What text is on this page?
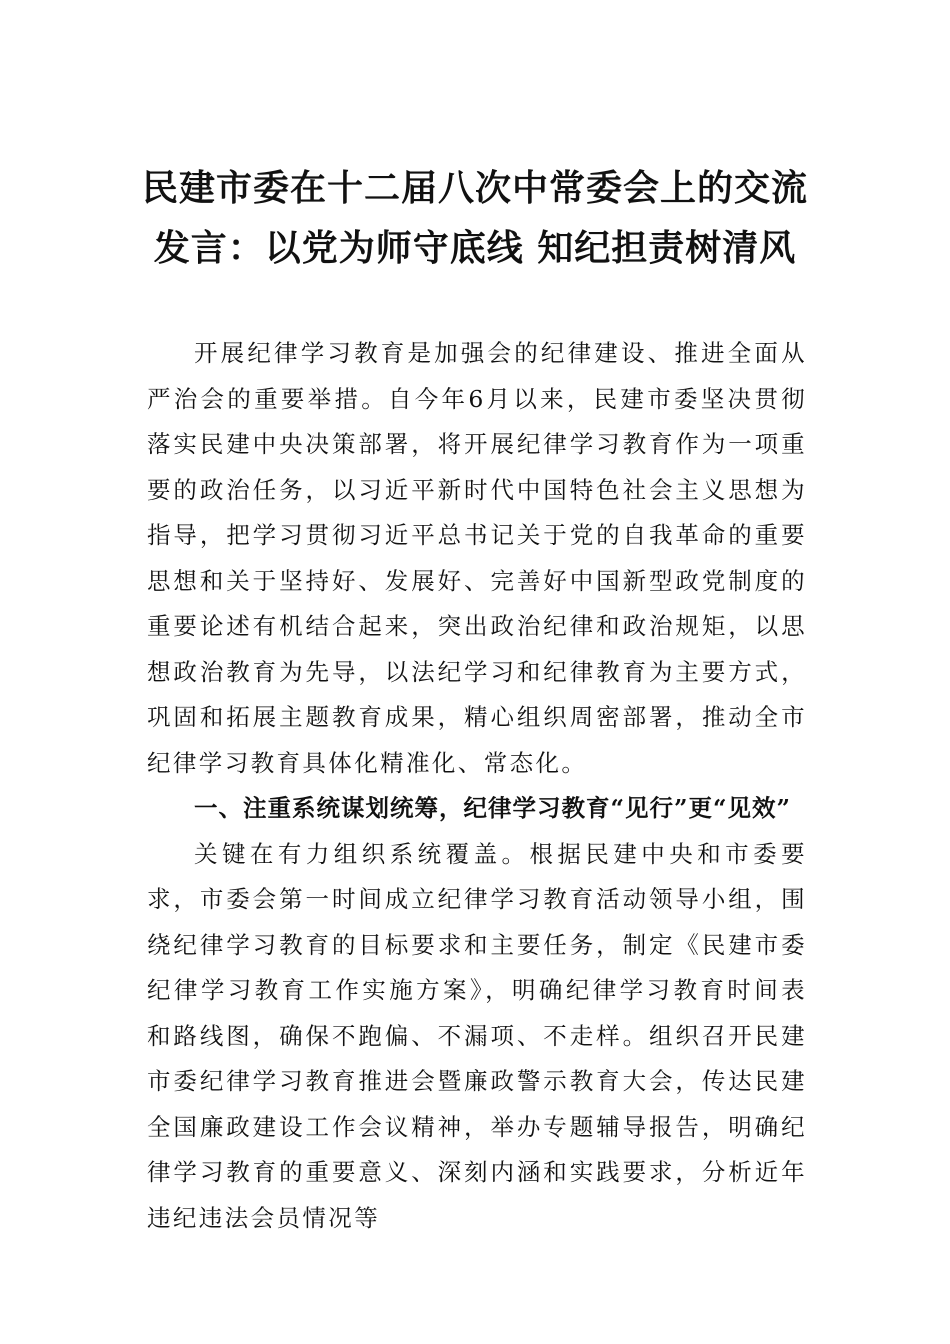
民建市委在十二届八次中常委会上的交流
发言：以党为师守底线 知纪担责树清风

开展纪律学习教育是加强会的纪律建设、推进全面从严治会的重要举措。自今年6月以来，民建市委坚决贯彻落实民建中央决策部署，将开展纪律学习教育作为一项重要的政治任务，以习近平新时代中国特色社会主义思想为指导，把学习贯彻习近平总书记关于党的自我革命的重要思想和关于坚持好、发展好、完善好中国新型政党制度的重要论述有机结合起来，突出政治纪律和政治规矩，以思想政治教育为先导，以法纪学习和纪律教育为主要方式，巩固和拓展主题教育成果，精心组织周密部署，推动全市纪律学习教育具体化精准化、常态化。

一、注重系统谋划统筹，纪律学习教育“见行”更“见效”

关键在有力组织系统覆盖。根据民建中央和市委要求，市委会第一时间成立纪律学习教育活动领导小组，围绕纪律学习教育的目标要求和主要任务，制定《民建市委纪律学习教育工作实施方案》，明确纪律学习教育时间表和路线图，确保不跑偏、不漏项、不走样。组织召开民建市委纪律学习教育推进会暨廉政警示教育大会，传达民建全国廉政建设工作会议精神，举办专题辅导报告，明确纪律学习教育的重要意义、深刻内涵和实践要求，分析近年违纪违法会员情况等
